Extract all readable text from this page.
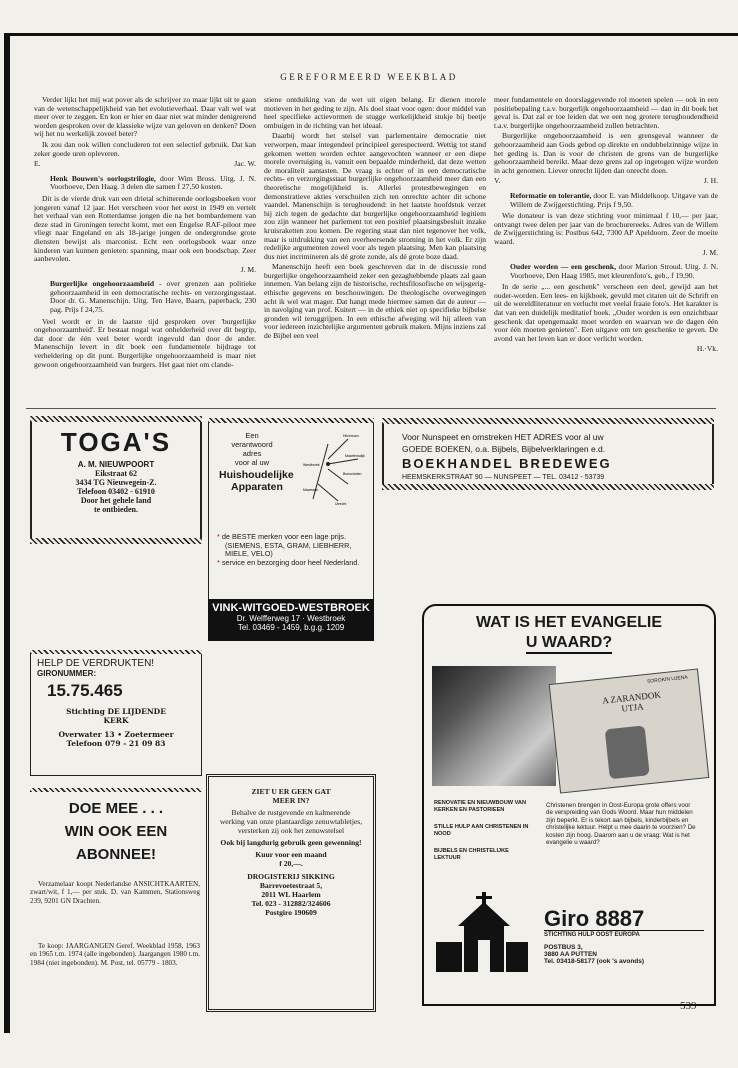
GEREFORMEERD WEEKBLAD

Verder lijkt het mij wat pover als de schrijver zo maar lijkt uit te gaan van de wetenschappelijkheid van het evolutieverhaal. Daar valt wel wat meer over te zeggen. En kon er hier en daar niet wat minder denigrerend worden gesproken over de klassieke wijze van geloven en denken? Doen wij het nu werkelijk zoveel beter?

Ik zou dan ook willen concluderen tot een selectief gebruik. Dat kan zeker goede uren opleveren.

E.	Jac. W.

Henk Bouwen's oorlogstrilogie, door Wim Bross. Uitg. J. N. Voorhoeve, Den Haag. 3 delen die samen f 27,50 kosten.

Dit is de vierde druk van een drietal schitterende oorlogsboeken voor jongeren vanaf 12 jaar. Het verscheen voor het eerst in 1949 en vertelt het verhaal van een Rotterdamse jongen die na het bombardement van deze stad in Groningen terecht komt, met een Engelse RAF-piloot mee vliegt naar Engeland en als 18-jarige jongen de ondergrondse grote diensten bewijst als marconist. Echt een oorlogsboek waar onze kinderen van kunnen genieten: spanning, maar ook een boodschap. Zeer aanbevolen.

J. M.

Burgerlijke ongehoorzaamheid - over grenzen aan politieke gehoorzaamheid in een democratische rechts- en verzorgingsstaat. Door dr. G. Manenschijn. Uitg. Ten Have, Baarn, paperback, 230 pag. Prijs f 24,75.

Veel wordt er in de laatste tijd gesproken over 'burgerlijke ongehoorzaamheid'. Er bestaat nogal wat onhelderheid over dit begrip, dat door de één veel beter wordt ingevuld dan door de ander. Manenschijn levert in dit boek een fundamentele bijdrage tot verheldering op dit punt. Burgerlijke ongehoorzaamheid is maar niet gewoon ongehoorzaamheid van burgers. Het gaat niet om clande-

stiene ontduiking van de wet uit eigen belang. Er dienen morele motieven in het geding te zijn. Als doel staat voor ogen: door middel van heel specifieke actievormen de stugge werkelijkheid stukje bij beetje ombuigen in de richting van het ideaal.

Daarbij wordt het stelsel van parlementaire democratie niet verworpen, maar integendeel principieel gerespecteerd. Wettig tot stand gekomen wetten worden echter aangevochten wanneer er een diepe morele overtuiging is, vanuit een bepaalde minderheid, dat deze wetten de moraliteit aantasten. De vraag is echter of in een democratische rechts- en verzorgingsstaat burgerlijke ongehoorzaamheid meer dan een theoretische mogelijkheid is. Allerlei protestbewegingen en demonstratieve akties verschuilen zich ten onrechte achter dit schone vaandel. Manenschijn is terughoudend: in het laatste hoofdstuk verzet hij zich tegen de gedachte dat burgerlijke ongehoorzaamheid legitiem zou zijn wanneer het parlement tot een positief plaatsingsbesluit inzake kruisraketten zou komen. De regering staat dan niet tegenover het volk, maar is uitdrukking van een overheersende stroming in het volk. Er zijn redelijke argumenten zowel voor als tegen plaatsing. Men kan plaatsing dus niet incrimineren als dé grote zonde, als dé grote boze daad.

Manenschijn heeft een boek geschreven dat in de discussie rond burgerlijke ongehoorzaamheid zeker een gezaghebbende plaats zal gaan innemen. Van belang zijn de historische, rechtsfilosofische en wijsgerig-ethische gegevens en beschouwingen. De theologische overwegingen acht ik wel wat mager. Dat hangt mede hiermee samen dat de auteur — in navolging van prof. Kuitert — in de ethiek niet op specifieke bijbelse gronden wil teruggrijpen. In een ethische afweging wil hij alleen van voor iedereen inzichtelijke argumenten gebruik maken. Mijns inziens zal de Bijbel een veel

meer fundamentele en doorslaggevende rol moeten spelen — ook in een positiebepaling t.a.v. burgerlijk ongehoorzaamheid — dan in dit boek het geval is. Dat zal er toe leiden dat we een nog grotere terughoudendheid t.a.v. burgerlijke ongehoorzaamheid zullen betrachten.

Burgerlijke ongehoorzaamheid is een grensgeval wanneer de gehoorzaamheid aan Gods gebod op direkte en ondubbelzinnige wijze in het geding is. Dan is voor de christen de grens van de burgerlijke gehoorzaamheid bereikt. Maar deze grens zal op ingetogen wijze worden in acht genomen. Liever onrecht lijden dan onrecht doen.

V.	J. H.

Reformatie en tolerantie, door E. van Middelkoop. Uitgave van de Willem de Zwijgerstichting. Prijs f 9,50.

Wie donateur is van deze stichting voor minimaal f 10,— per jaar, ontvangt twee delen per jaar van de brochurereeks. Adres van de Willem de Zwijgerstichting is: Postbus 642, 7300 AP Apeldoorn. Zeer de moeite waard.

J. M.

Ouder worden — een geschenk, door Marion Stroud. Uitg. J. N. Voorhoeve, Den Haag 1985, met kleurenfoto's, geb., f 19,90.

In de serie „... een geschenk" verscheen een deel, gewijd aan het ouder-worden. Een lees- en kijkboek, gevuld met citaten uit de Schrift en uit de wereldliteratuur en verlucht met veelal fraaie foto's. Het karakter is dat van een duidelijk meditatief boek. „Ouder worden is een onzichtbaar geschenk dat opengemaakt moet worden en waarvan we de dagen één voor één moeten genieten". Een uitgave om ten geschenke te geven. De avond van het leven kan er door verlicht worden.

H.·Vk.

TOGA'S
A. M. NIEUWPOORT
Eikstraat 62
3434 TG Nieuwegein-Z.
Telefoon 03402 - 61910
Door het gehele land
te ontbieden.
HELP DE VERDRUKTEN!
GIRONUMMER:
15.75.465
Stichting DE LIJDENDE
KERK
Overwater 13 • Zoetermeer
Telefoon 079 - 21 09 83
DOE MEE . . .
WIN OOK EEN
ABONNEE!

Verzamelaar koopt Nederlandse ANSICHTKAARTEN, zwart/wit, f 1,— per stuk. D. van Kammen, Stationsweg 239, 9201 GN Drachten.

Te koop: JAARGANGEN Geref. Weekblad 1958, 1963 en 1965 t.m. 1974 (alle ingebonden). Jaargangen 1980 t.m. 1984 (niet ingebonden). M. Post, tel. 05779 - 1803.

Een
verantwoord
adres
voor al uw
Huishoudelijke
Apparaten
Hilversum
Maartensdijk
Westbroek
Bunschoten
Maarssen
Utrecht
* de BESTE merken voor een lage prijs.
(SIEMENS, ESTA, GRAM, LIEBHERR, MIELE, VELO)
* service en bezorging door heel Nederland.
VINK-WITGOED-WESTBROEK
Dr. Welfferweg 17 · Westbroek
Tel. 03469 - 1459, b.g.g. 1209
ZIET U ER GEEN GAT
MEER IN?
Behalve de rustgevende en kalmerende werking van onze plantaardige zenuwtabletjes, versterken zij ook het zenuwstelsel
Ook bij langdurig gebruik geen gewenning!
Kuur voor een maand
f 20,—.
DROGISTERIJ SIKKING
Barrevoetestraat 5,
2011 WL Haarlem
Tel. 023 - 312882/324606
Postgiro 190609
Voor Nunspeet en omstreken HET ADRES voor al uw
GOEDE BOEKEN, o.a. Bijbels, Bijbelverklaringen e.d.
BOEKHANDEL BREDEWEG
HEEMSKERKSTRAAT 90 — NUNSPEET — TEL. 03412 - 53739
WAT IS HET EVANGELIE
U WAARD?
SOROKIN UJENA
A ZARANDOK UTJA
RENOVATIE EN NIEUWBOUW VAN KERKEN EN PASTORIEEN
STILLE HULP AAN CHRISTENEN IN NOOD
BIJBELS EN CHRISTELIJKE LEKTUUR
Christenen brengen in Oost-Europa grote offers voor de verspreiding van Gods Woord. Maar hun middelen zijn beperkt. Er is tekort aan bijbels, kinderbijbels en christelijke lektuur. Helpt u mee daarin te voorzien? De kosten zijn hoog. Daarom aan u de vraag: Wat is het evangelie u waard?
Giro 8887
STICHTING HULP OOST EUROPA
POSTBUS 3,
3880 AA PUTTEN
Tel. 03418-58177 (ook 's avonds)
539
